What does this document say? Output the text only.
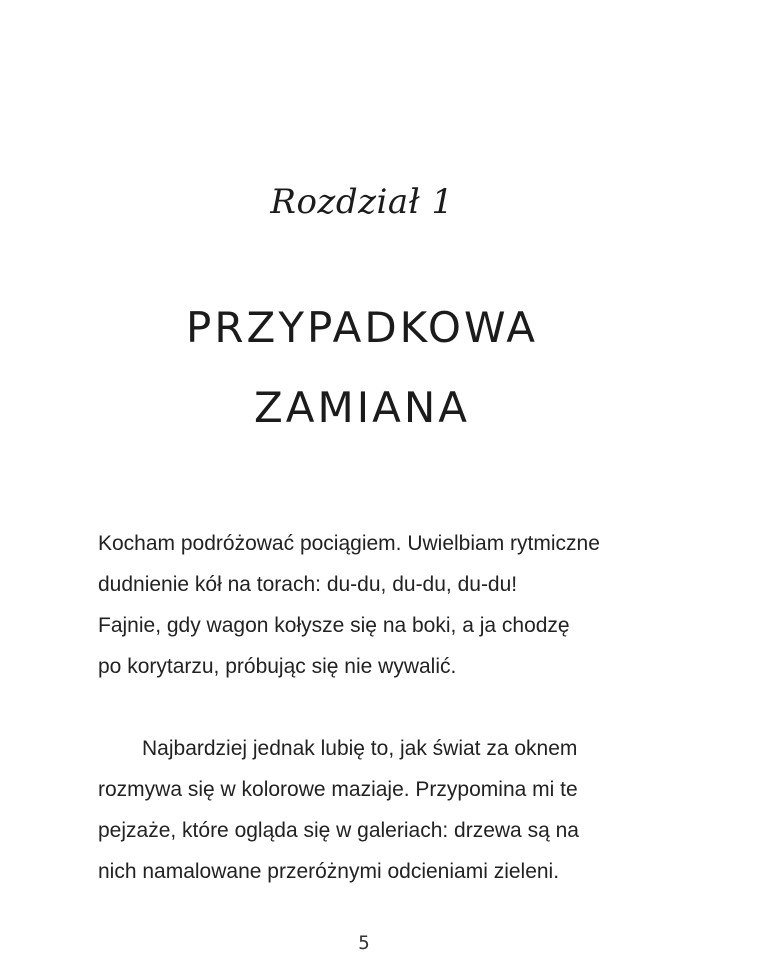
Rozdział 1
PRZYPADKOWA
ZAMIANA

Kocham podróżować pociągiem. Uwielbiam rytmiczne
dudnienie kół na torach: du-du, du-du, du-du!
Fajnie, gdy wagon kołysze się na boki, a ja chodzę
po korytarzu, próbując się nie wywalić.

Najbardziej jednak lubię to, jak świat za oknem
rozmywa się w kolorowe maziaje. Przypomina mi te
pejzaże, które ogląda się w galeriach: drzewa są na
nich namalowane przeróżnymi odcieniami zieleni.

5
